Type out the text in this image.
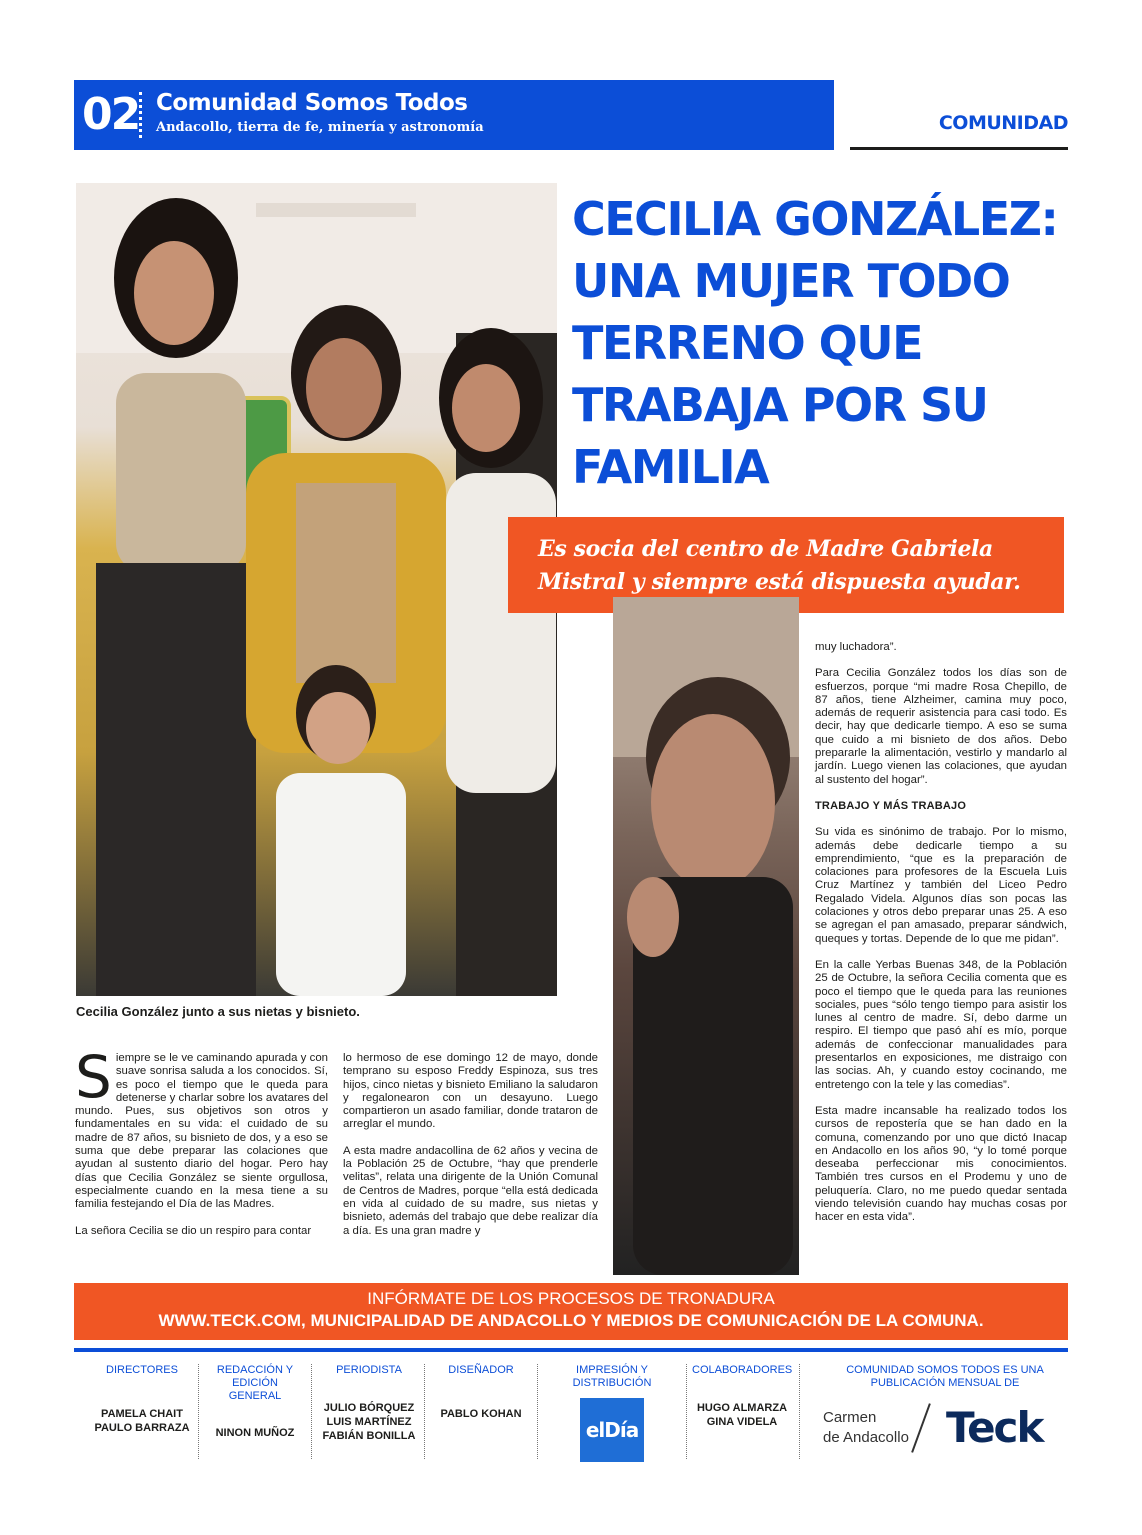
02 Comunidad Somos Todos
Andacollo, tierra de fe, minería y astronomía	COMUNIDAD
CECILIA GONZÁLEZ: UNA MUJER TODO TERRENO QUE TRABAJA POR SU FAMILIA

Es socia del centro de Madre Gabriela Mistral y siempre está dispuesta ayudar.

Cecilia González junto a sus nietas y bisnieto.

Siempre se le ve caminando apurada y con suave sonrisa saluda a los conocidos. Sí, es poco el tiempo que le queda para detenerse y charlar sobre los avatares del mundo. Pues, sus objetivos son otros y fundamentales en su vida: el cuidado de su madre de 87 años, su bisnieto de dos, y a eso se suma que debe preparar las colaciones que ayudan al sustento diario del hogar. Pero hay días que Cecilia González se siente orgullosa, especialmente cuando en la mesa tiene a su familia festejando el Día de las Madres.

La señora Cecilia se dio un respiro para contar

lo hermoso de ese domingo 12 de mayo, donde temprano su esposo Freddy Espinoza, sus tres hijos, cinco nietas y bisnieto Emiliano la saludaron y regalonearon con un desayuno. Luego compartieron un asado familiar, donde trataron de arreglar el mundo.

A esta madre andacollina de 62 años y vecina de la Población 25 de Octubre, “hay que prenderle velitas”, relata una dirigente de la Unión Comunal de Centros de Madres, porque “ella está dedicada en vida al cuidado de su madre, sus nietas y bisnieto, además del trabajo que debe realizar día a día. Es una gran madre y

muy luchadora”.

Para Cecilia González todos los días son de esfuerzos, porque “mi madre Rosa Chepillo, de 87 años, tiene Alzheimer, camina muy poco, además de requerir asistencia para casi todo. Es decir, hay que dedicarle tiempo. A eso se suma que cuido a mi bisnieto de dos años. Debo prepararle la alimentación, vestirlo y mandarlo al jardín. Luego vienen las colaciones, que ayudan al sustento del hogar”.

TRABAJO Y MÁS TRABAJO

Su vida es sinónimo de trabajo. Por lo mismo, además debe dedicarle tiempo a su emprendimiento, “que es la preparación de colaciones para profesores de la Escuela Luis Cruz Martínez y también del Liceo Pedro Regalado Videla. Algunos días son pocas las colaciones y otros debo preparar unas 25. A eso se agregan el pan amasado, preparar sándwich, queques y tortas. Depende de lo que me pidan”.

En la calle Yerbas Buenas 348, de la Población 25 de Octubre, la señora Cecilia comenta que es poco el tiempo que le queda para las reuniones sociales, pues “sólo tengo tiempo para asistir los lunes al centro de madre. Sí, debo darme un respiro. El tiempo que pasó ahí es mío, porque además de confeccionar manualidades para presentarlos en exposiciones, me distraigo con las socias. Ah, y cuando estoy cocinando, me entretengo con la tele y las comedias”.

Esta madre incansable ha realizado todos los cursos de repostería que se han dado en la comuna, comenzando por uno que dictó Inacap en Andacollo en los años 90, “y lo tomé porque deseaba perfeccionar mis conocimientos. También tres cursos en el Prodemu y uno de peluquería. Claro, no me puedo quedar sentada viendo televisión cuando hay muchas cosas por hacer en esta vida”.

INFÓRMATE DE LOS PROCESOS DE TRONADURA
WWW.TECK.COM, MUNICIPALIDAD DE ANDACOLLO Y MEDIOS DE COMUNICACIÓN DE LA COMUNA.
DIRECTORES
PAMELA CHAIT
PAULO BARRAZA
REDACCIÓN Y EDICIÓN GENERAL
NINON MUÑOZ
PERIODISTA
JULIO BÓRQUEZ
LUIS MARTÍNEZ
FABIÁN BONILLA
DISEÑADOR
PABLO KOHAN
IMPRESIÓN Y DISTRIBUCIÓN
elDía
COLABORADORES
HUGO ALMARZA
GINA VIDELA
COMUNIDAD SOMOS TODOS ES UNA PUBLICACIÓN MENSUAL DE
Carmen
de Andacollo Teck
